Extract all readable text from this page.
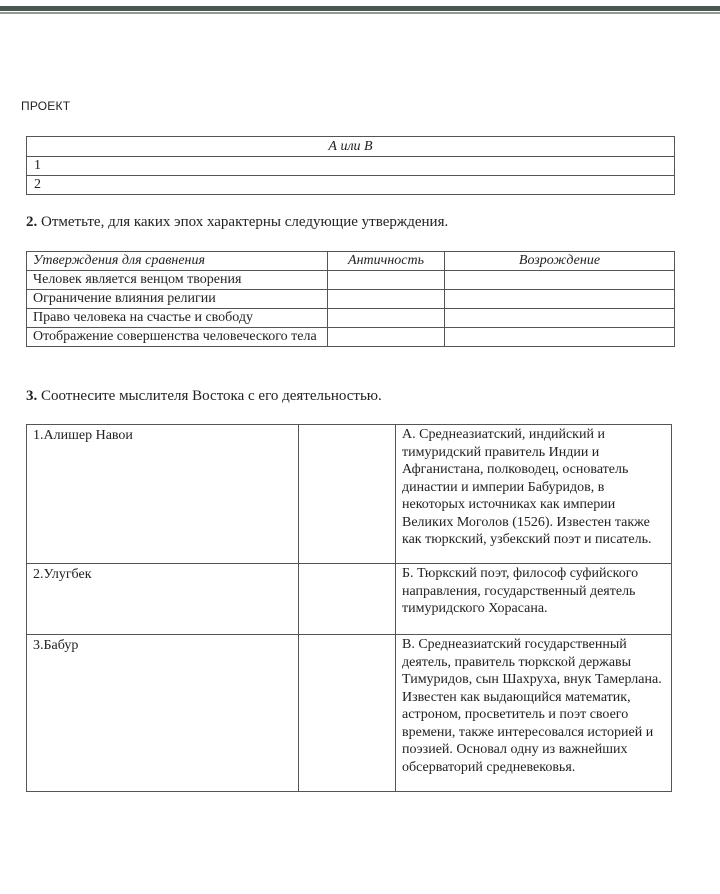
ПРОЕКТ
А или В
1
2
2. Отметьте, для каких эпох характерны следующие утверждения.
Утверждения для сравнения	Античность	Возрождение
Человек является венцом творения		
Ограничение влияния религии		
Право человека на счастье и свободу		
Отображение совершенства человеческого тела		
3. Соотнесите мыслителя Востока с его деятельностью.
1.Алишер Навои		А. Среднеазиатский, индийский и тимуридский правитель Индии и Афганистана, полководец, основатель династии и империи Бабуридов, в некоторых источниках как империи Великих Моголов (1526). Известен также как тюркский, узбекский поэт и писатель.
2.Улугбек		Б. Тюркский поэт, философ суфийского направления, государственный деятель тимуридского Хорасана.
3.Бабур		В. Среднеазиатский государственный деятель, правитель тюркской державы Тимуридов, сын Шахруха, внук Тамерлана. Известен как выдающийся математик, астроном, просветитель и поэт своего времени, также интересовался историей и поэзией. Основал одну из важнейших обсерваторий средневековья.
